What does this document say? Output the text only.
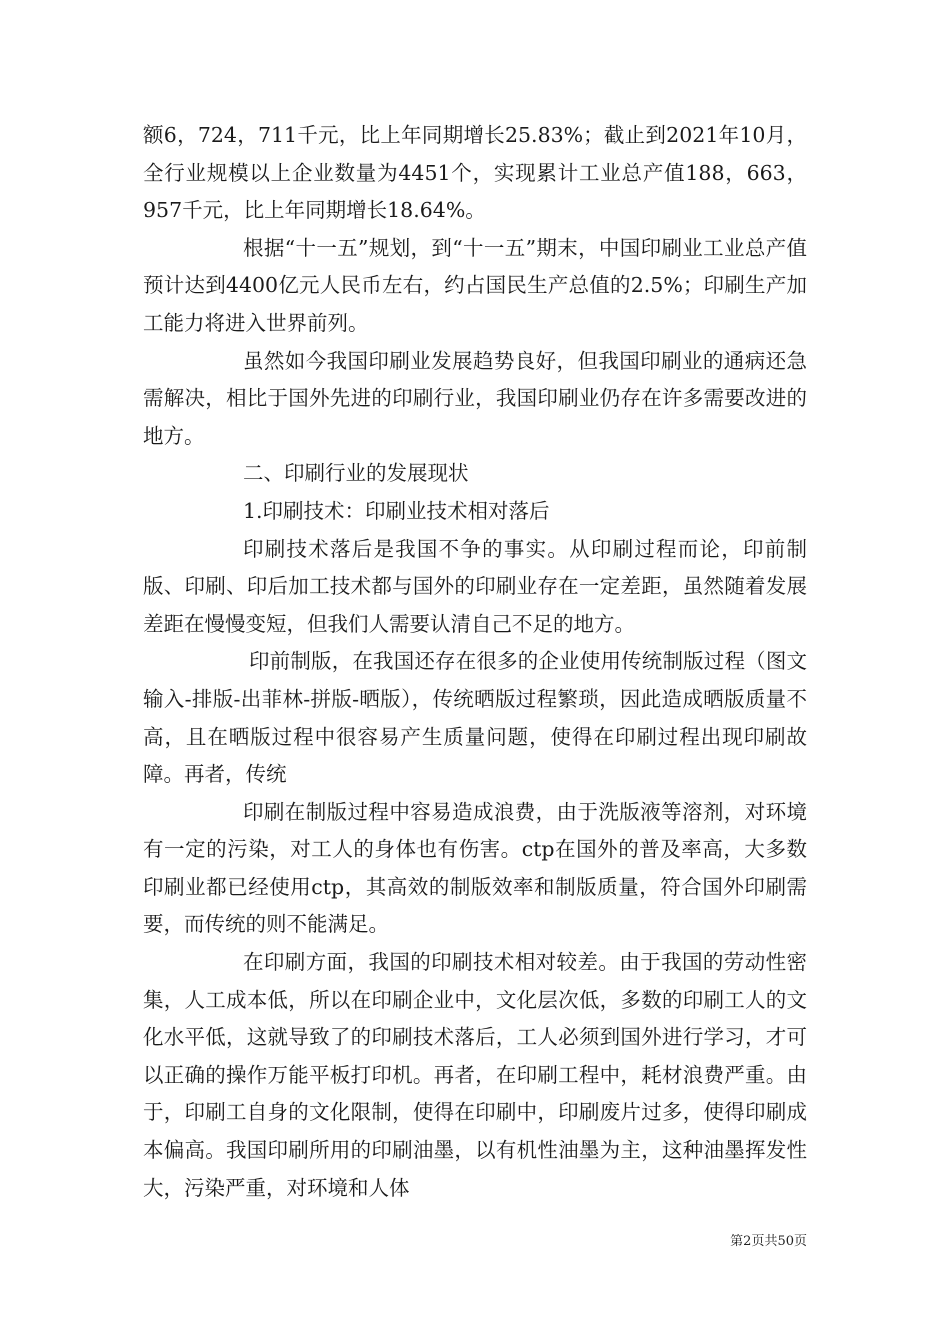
额6，724，711千元，比上年同期增长25.83%；截止到2021年10月，全行业规模以上企业数量为4451个，实现累计工业总产值188，663，957千元，比上年同期增长18.64%。

根据“十一五”规划，到“十一五”期末，中国印刷业工业总产值预计达到4400亿元人民币左右，约占国民生产总值的2.5%；印刷生产加工能力将进入世界前列。

虽然如今我国印刷业发展趋势良好，但我国印刷业的通病还急需解决，相比于国外先进的印刷行业，我国印刷业仍存在许多需要改进的地方。

二、印刷行业的发展现状

1.印刷技术：印刷业技术相对落后

印刷技术落后是我国不争的事实。从印刷过程而论，印前制版、印刷、印后加工技术都与国外的印刷业存在一定差距，虽然随着发展差距在慢慢变短，但我们人需要认清自己不足的地方。

印前制版，在我国还存在很多的企业使用传统制版过程（图文输入-排版-出菲林-拼版-晒版），传统晒版过程繁琐，因此造成晒版质量不高，且在晒版过程中很容易产生质量问题，使得在印刷过程出现印刷故障。再者，传统

印刷在制版过程中容易造成浪费，由于洗版液等溶剂，对环境有一定的污染，对工人的身体也有伤害。ctp在国外的普及率高，大多数印刷业都已经使用ctp，其高效的制版效率和制版质量，符合国外印刷需要，而传统的则不能满足。

在印刷方面，我国的印刷技术相对较差。由于我国的劳动性密集，人工成本低，所以在印刷企业中，文化层次低，多数的印刷工人的文化水平低，这就导致了的印刷技术落后，工人必须到国外进行学习，才可以正确的操作万能平板打印机。再者，在印刷工程中，耗材浪费严重。由于，印刷工自身的文化限制，使得在印刷中，印刷废片过多，使得印刷成本偏高。我国印刷所用的印刷油墨，以有机性油墨为主，这种油墨挥发性大，污染严重，对环境和人体

第2页共50页
